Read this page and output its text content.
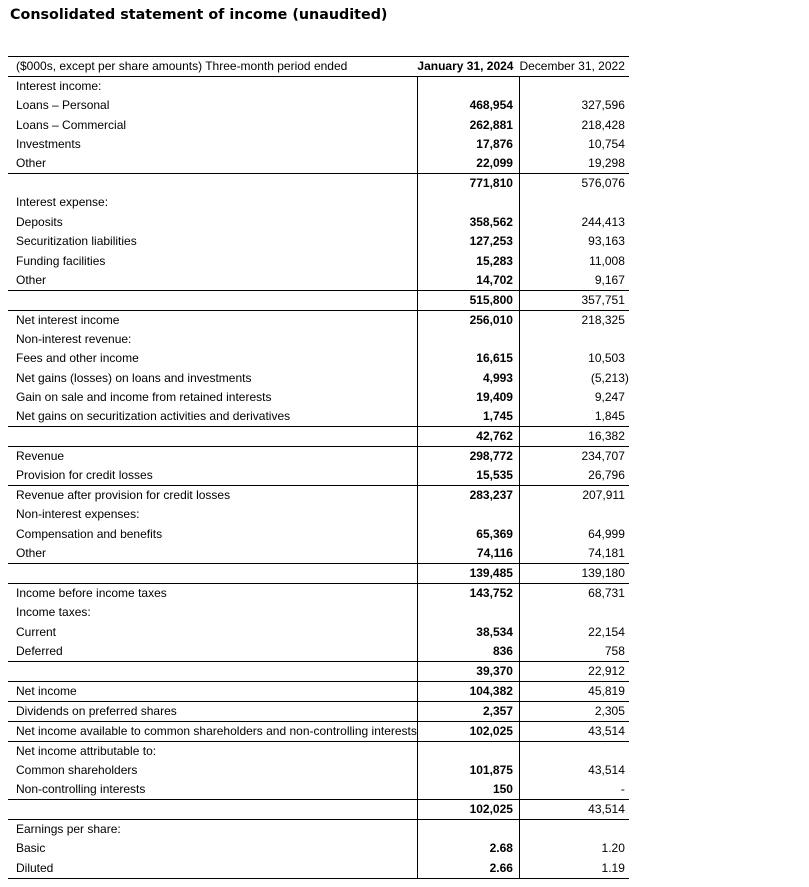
Consolidated statement of income (unaudited)
($000s, except per share amounts) Three-month period ended	January 31, 2024	December 31, 2022
Interest income:		
Loans – Personal	468,954	327,596
Loans – Commercial	262,881	218,428
Investments	17,876	10,754
Other	22,099	19,298
	771,810	576,076
Interest expense:		
Deposits	358,562	244,413
Securitization liabilities	127,253	93,163
Funding facilities	15,283	11,008
Other	14,702	9,167
	515,800	357,751
Net interest income	256,010	218,325
Non-interest revenue:		
Fees and other income	16,615	10,503
Net gains (losses) on loans and investments	4,993	(5,213)
Gain on sale and income from retained interests	19,409	9,247
Net gains on securitization activities and derivatives	1,745	1,845
	42,762	16,382
Revenue	298,772	234,707
Provision for credit losses	15,535	26,796
Revenue after provision for credit losses	283,237	207,911
Non-interest expenses:		
Compensation and benefits	65,369	64,999
Other	74,116	74,181
	139,485	139,180
Income before income taxes	143,752	68,731
Income taxes:		
Current	38,534	22,154
Deferred	836	758
	39,370	22,912
Net income	104,382	45,819
Dividends on preferred shares	2,357	2,305
Net income available to common shareholders and non-controlling interests	102,025	43,514
Net income attributable to:		
Common shareholders	101,875	43,514
Non-controlling interests	150	-
	102,025	43,514
Earnings per share:		
Basic	2.68	1.20
Diluted	2.66	1.19
